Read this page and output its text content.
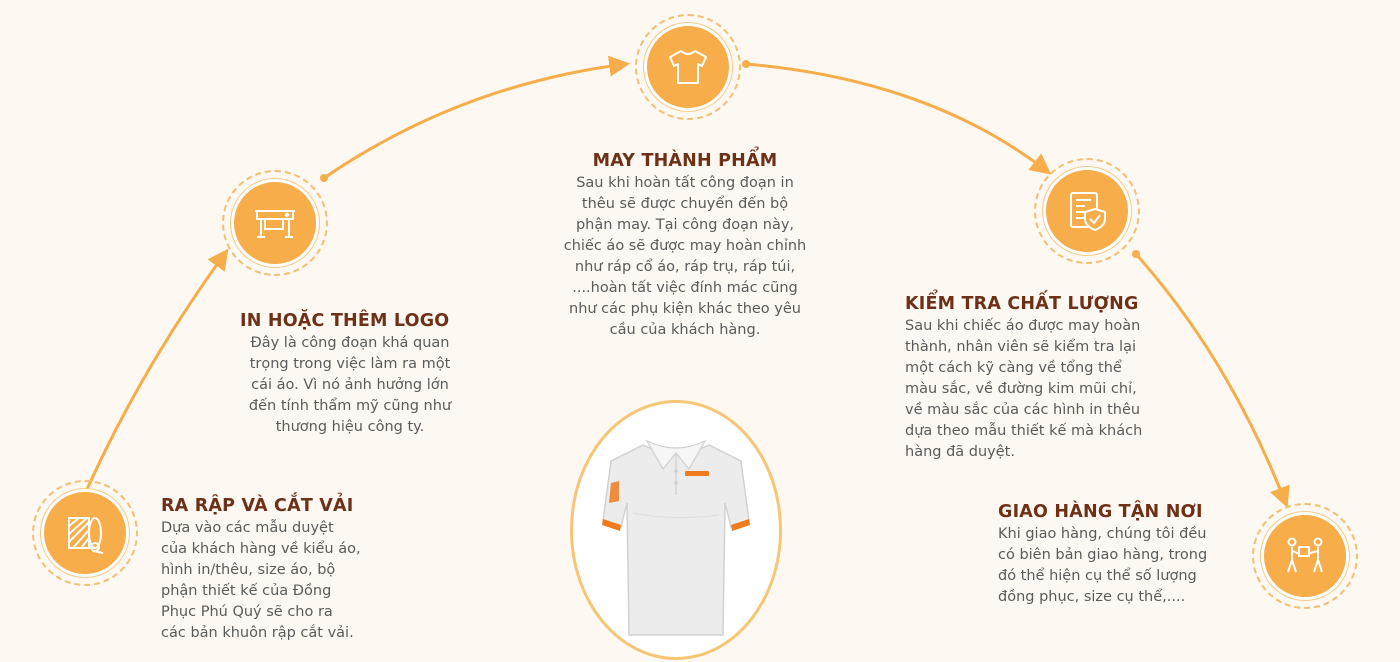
RA RẬP VÀ CẮT VẢI

Dựa vào các mẫu duyệt
của khách hàng về kiểu áo,
hình in/thêu, size áo, bộ
phận thiết kế của Đồng
Phục Phú Quý sẽ cho ra
các bản khuôn rập cắt vải.

IN HOẶC THÊM LOGO

Đây là công đoạn khá quan
trọng trong việc làm ra một
cái áo. Vì nó ảnh hưởng lớn
đến tính thẩm mỹ cũng như
thương hiệu công ty.

MAY THÀNH PHẨM

Sau khi hoàn tất công đoạn in
thêu sẽ được chuyển đến bộ
phận may. Tại công đoạn này,
chiếc áo sẽ được may hoàn chỉnh
như ráp cổ áo, ráp trụ, ráp túi,
....hoàn tất việc đính mác cũng
như các phụ kiện khác theo yêu
cầu của khách hàng.

KIỂM TRA CHẤT LƯỢNG

Sau khi chiếc áo được may hoàn
thành, nhân viên sẽ kiểm tra lại
một cách kỹ càng về tổng thể
màu sắc, về đường kim mũi chỉ,
về màu sắc của các hình in thêu
dựa theo mẫu thiết kế mà khách
hàng đã duyệt.

GIAO HÀNG TẬN NƠI

Khi giao hàng, chúng tôi đều
có biên bản giao hàng, trong
đó thể hiện cụ thể số lượng
đồng phục, size cụ thể,....
